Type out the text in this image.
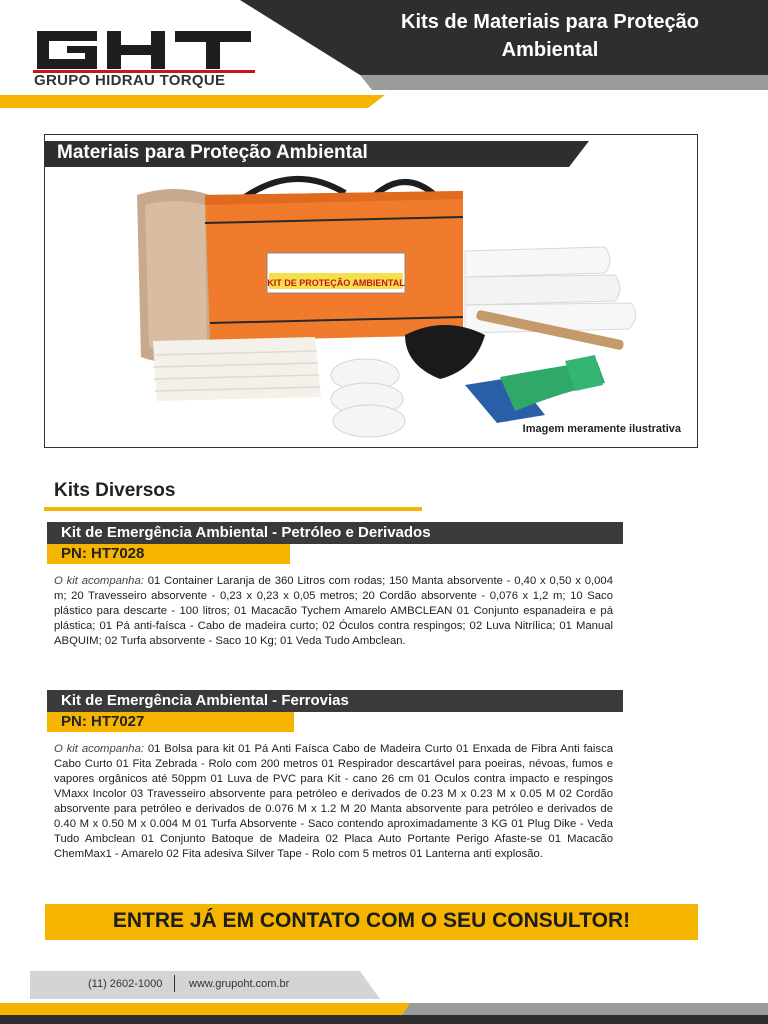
GRUPO HIDRAU TORQUE
Kits de Materiais para Proteção
Ambiental
Materiais para Proteção Ambiental
KIT DE PROTEÇÃO AMBIENTAL
Imagem meramente ilustrativa
Kits Diversos
Kit de Emergência Ambiental - Petróleo e Derivados
PN: HT7028
O kit acompanha: 01 Container Laranja de 360 Litros com rodas; 150 Manta absorvente - 0,40 x 0,50 x 0,004 m; 20 Travesseiro absorvente - 0,23 x 0,23 x 0,05 metros; 20 Cordão absorvente - 0,076 x 1,2 m; 10 Saco plástico para descarte - 100 litros; 01 Macacão Tychem Amarelo AMBCLEAN 01 Conjunto espanadeira e pá plástica; 01 Pá anti-faísca - Cabo de madeira curto; 02 Óculos contra respingos; 02 Luva Nitrílica; 01 Manual ABQUIM; 02 Turfa absorvente - Saco 10 Kg; 01 Veda Tudo Ambclean.
Kit de Emergência Ambiental - Ferrovias
PN: HT7027
O kit acompanha: 01 Bolsa para kit 01 Pá Anti Faísca Cabo de Madeira Curto 01 Enxada de Fibra Anti faisca Cabo Curto 01 Fita Zebrada - Rolo com 200 metros 01 Respirador descartável para poeiras, névoas, fumos e vapores orgânicos até 50ppm 01 Luva de PVC para Kit - cano 26 cm 01 Oculos contra impacto e respingos VMaxx Incolor 03 Travesseiro absorvente para petróleo e derivados de 0.23 M x 0.23 M x 0.05 M 02 Cordão absorvente para petróleo e derivados de 0.076 M x 1.2 M 20 Manta absorvente para petróleo e derivados de 0.40 M x 0.50 M x 0.004 M 01 Turfa Absorvente - Saco contendo aproximadamente 3 KG 01 Plug Dike - Veda Tudo Ambclean 01 Conjunto Batoque de Madeira 02 Placa Auto Portante Perigo Afaste-se 01 Macacão ChemMax1 - Amarelo 02 Fita adesiva Silver Tape - Rolo com 5 metros 01 Lanterna anti explosão.
ENTRE JÁ EM CONTATO COM O SEU CONSULTOR!
(11) 2602-1000 www.grupoht.com.br
